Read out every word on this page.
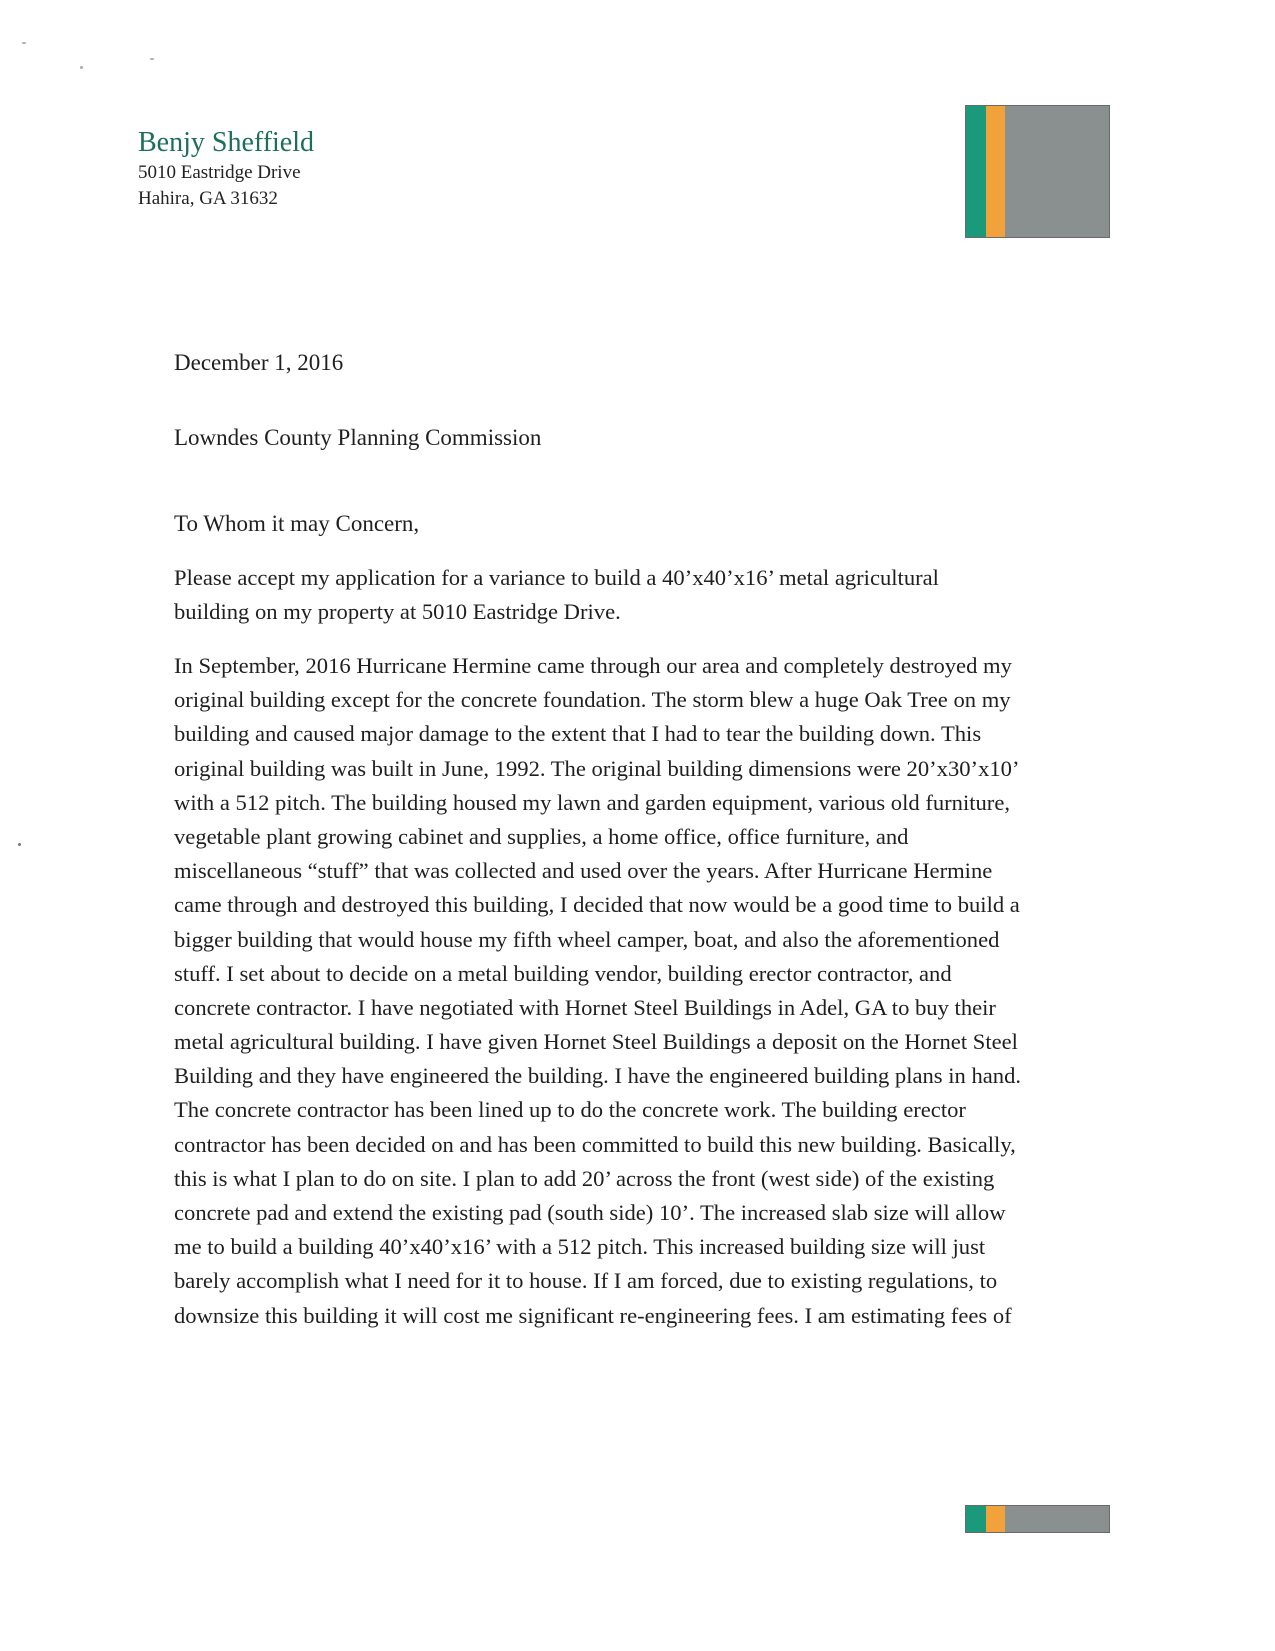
Benjy Sheffield
5010 Eastridge Drive
Hahira, GA 31632
December 1, 2016
Lowndes County Planning Commission
To Whom it may Concern,
Please accept my application for a variance to build a 40’x40’x16’ metal agricultural
building on my property at 5010 Eastridge Drive.
In September, 2016 Hurricane Hermine came through our area and completely destroyed my
original building except for the concrete foundation. The storm blew a huge Oak Tree on my
building and caused major damage to the extent that I had to tear the building down. This
original building was built in June, 1992. The original building dimensions were 20’x30’x10’
with a 512 pitch. The building housed my lawn and garden equipment, various old furniture,
vegetable plant growing cabinet and supplies, a home office, office furniture, and
miscellaneous “stuff” that was collected and used over the years. After Hurricane Hermine
came through and destroyed this building, I decided that now would be a good time to build a
bigger building that would house my fifth wheel camper, boat, and also the aforementioned
stuff. I set about to decide on a metal building vendor, building erector contractor, and
concrete contractor. I have negotiated with Hornet Steel Buildings in Adel, GA to buy their
metal agricultural building. I have given Hornet Steel Buildings a deposit on the Hornet Steel
Building and they have engineered the building. I have the engineered building plans in hand.
The concrete contractor has been lined up to do the concrete work. The building erector
contractor has been decided on and has been committed to build this new building. Basically,
this is what I plan to do on site. I plan to add 20’ across the front (west side) of the existing
concrete pad and extend the existing pad (south side) 10’. The increased slab size will allow
me to build a building 40’x40’x16’ with a 512 pitch. This increased building size will just
barely accomplish what I need for it to house. If I am forced, due to existing regulations, to
downsize this building it will cost me significant re-engineering fees. I am estimating fees of
